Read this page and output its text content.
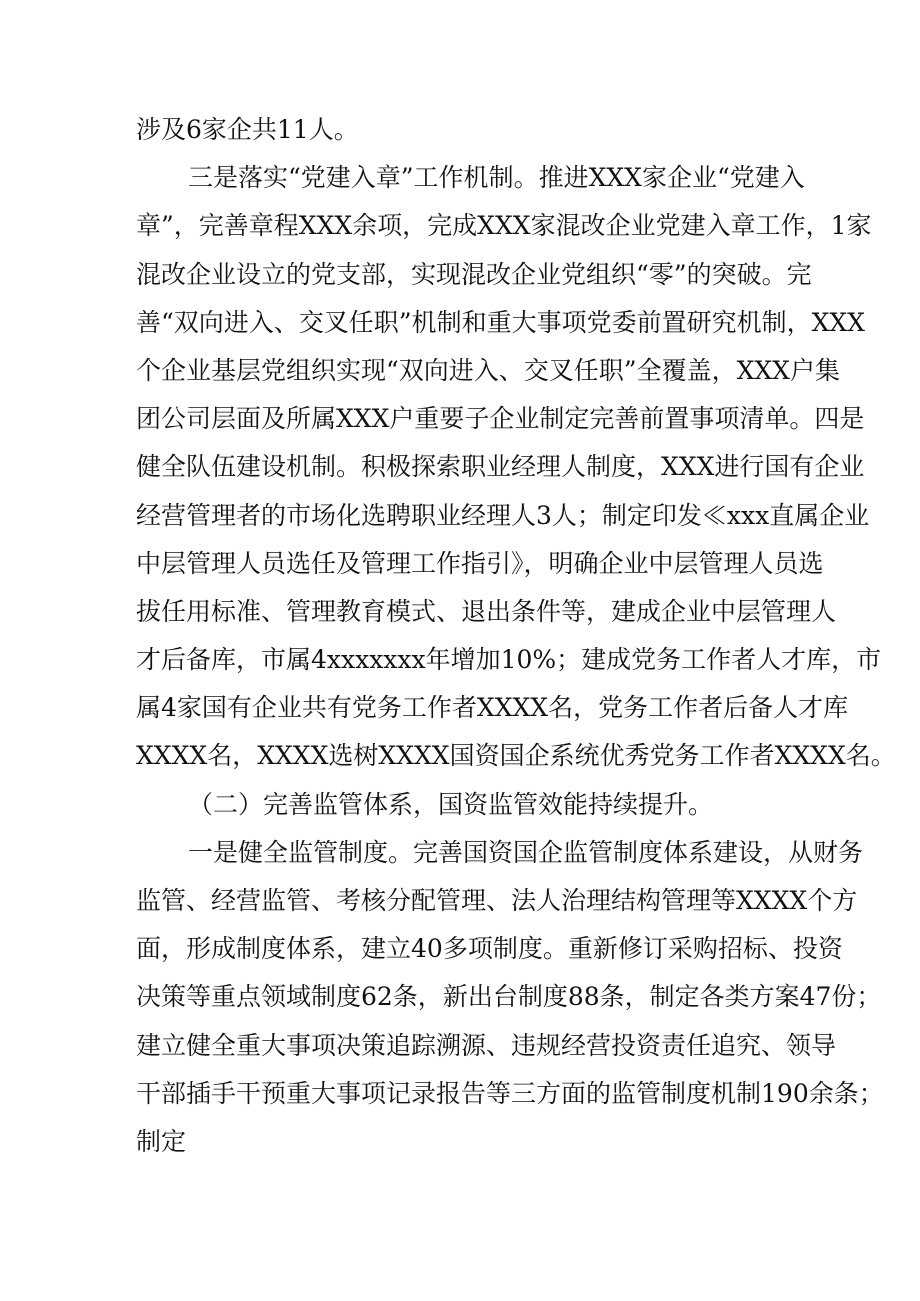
涉及6家企共11人。
三是落实“党建入章”工作机制。推进XXX家企业“党建入
章”，完善章程XXX余项，完成XXX家混改企业党建入章工作，1家
混改企业设立的党支部，实现混改企业党组织“零”的突破。完
善“双向进入、交叉任职”机制和重大事项党委前置研究机制，XXX
个企业基层党组织实现“双向进入、交叉任职”全覆盖，XXX户集
团公司层面及所属XXX户重要子企业制定完善前置事项清单。四是
健全队伍建设机制。积极探索职业经理人制度，XXX进行国有企业
经营管理者的市场化选聘职业经理人3人；制定印发≪xxx直属企业
中层管理人员选任及管理工作指引》，明确企业中层管理人员选
拔任用标准、管理教育模式、退出条件等，建成企业中层管理人
才后备库，市属4xxxxxxx年增加10%；建成党务工作者人才库，市
属4家国有企业共有党务工作者XXXX名，党务工作者后备人才库
XXXX名，XXXX选树XXXX国资国企系统优秀党务工作者XXXX名。
（二）完善监管体系，国资监管效能持续提升。
一是健全监管制度。完善国资国企监管制度体系建设，从财务
监管、经营监管、考核分配管理、法人治理结构管理等XXXX个方
面，形成制度体系，建立40多项制度。重新修订采购招标、投资
决策等重点领域制度62条，新出台制度88条，制定各类方案47份；
建立健全重大事项决策追踪溯源、违规经营投资责任追究、领导
干部插手干预重大事项记录报告等三方面的监管制度机制190余条；
制定
